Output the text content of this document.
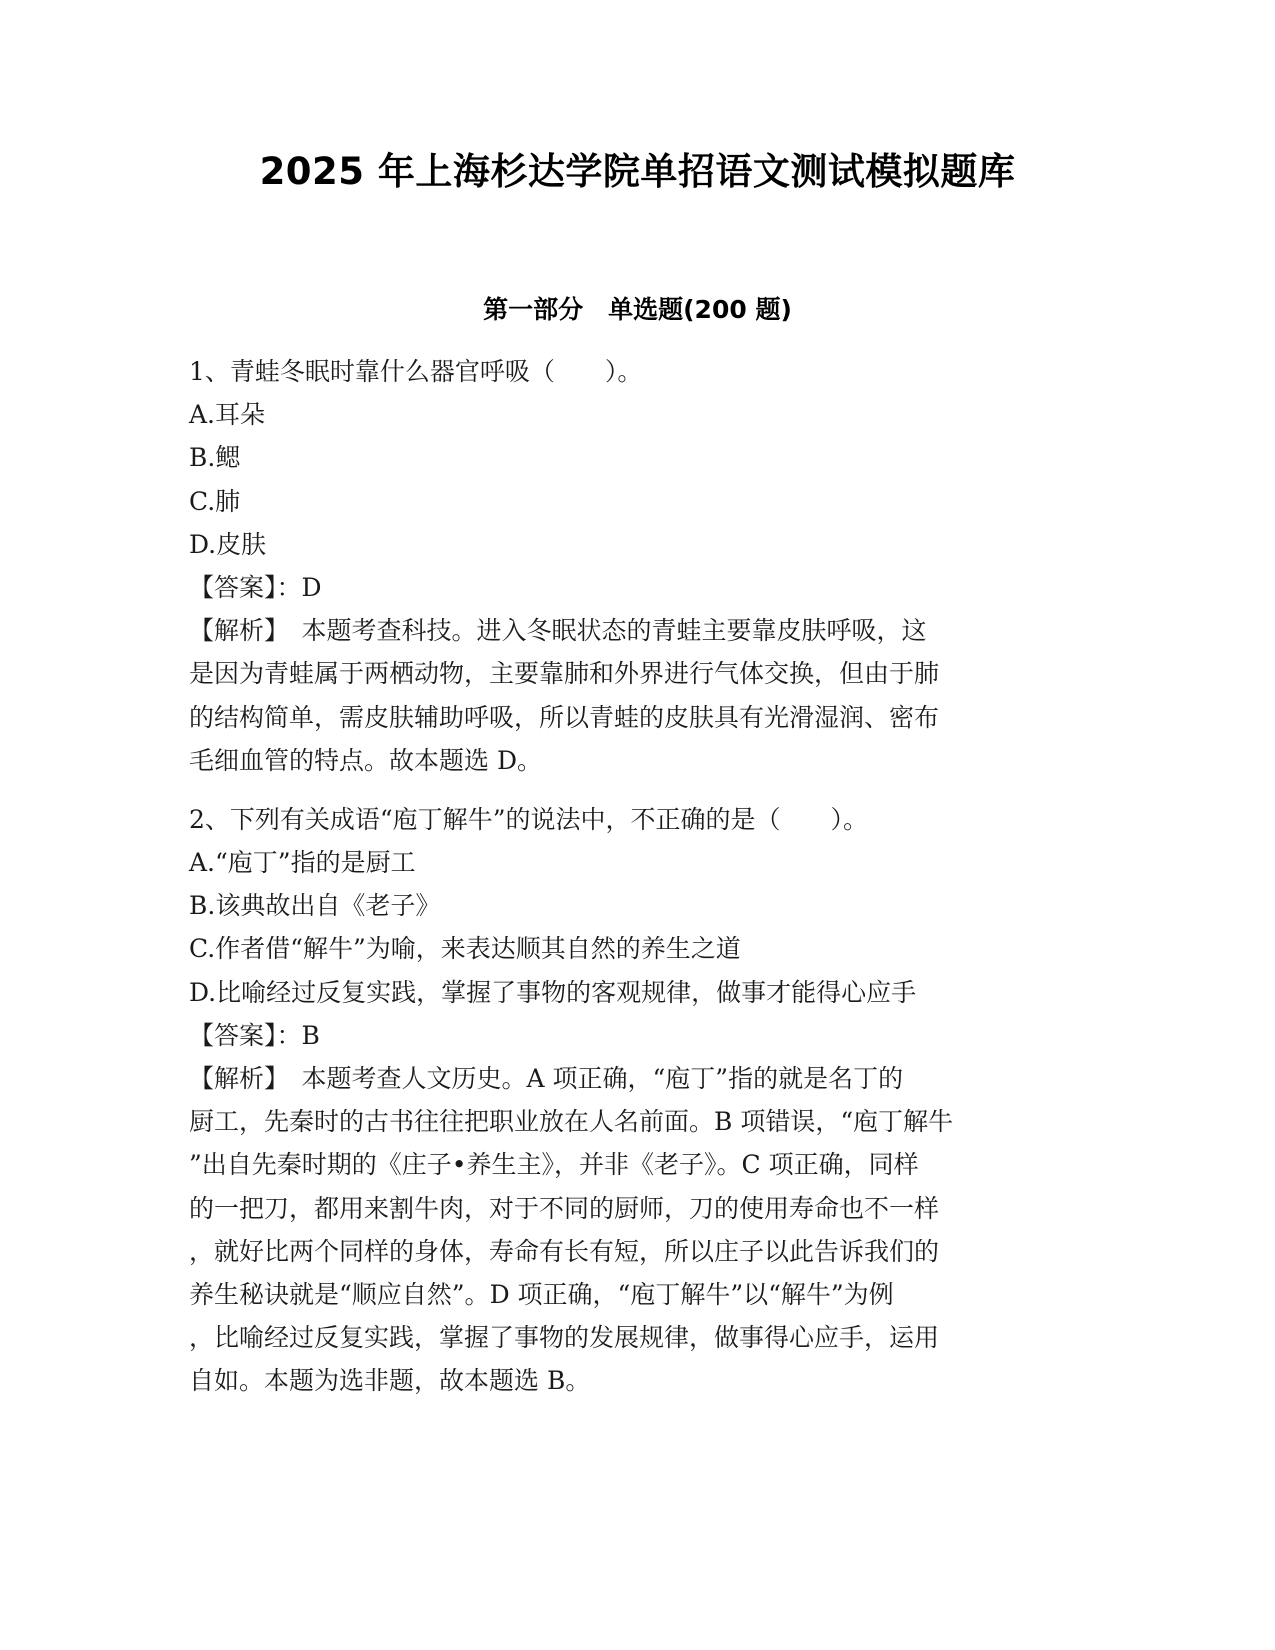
2025 年上海杉达学院单招语文测试模拟题库
第一部分　单选题(200 题)
1、青蛙冬眠时靠什么器官呼吸（　　）。
A.耳朵
B.鳃
C.肺
D.皮肤
【答案】：D
【解析】　本题考查科技。进入冬眠状态的青蛙主要靠皮肤呼吸，这
是因为青蛙属于两栖动物，主要靠肺和外界进行气体交换，但由于肺
的结构简单，需皮肤辅助呼吸，所以青蛙的皮肤具有光滑湿润、密布
毛细血管的特点。故本题选 D。
2、下列有关成语“庖丁解牛”的说法中，不正确的是（　　）。
A.“庖丁”指的是厨工
B.该典故出自《老子》
C.作者借“解牛”为喻，来表达顺其自然的养生之道
D.比喻经过反复实践，掌握了事物的客观规律，做事才能得心应手
【答案】：B
【解析】　本题考查人文历史。A 项正确，“庖丁”指的就是名丁的
厨工，先秦时的古书往往把职业放在人名前面。B 项错误，“庖丁解牛
”出自先秦时期的《庄子•养生主》，并非《老子》。C 项正确，同样
的一把刀，都用来割牛肉，对于不同的厨师，刀的使用寿命也不一样
，就好比两个同样的身体，寿命有长有短，所以庄子以此告诉我们的
养生秘诀就是“顺应自然”。D 项正确，“庖丁解牛”以“解牛”为例
，比喻经过反复实践，掌握了事物的发展规律，做事得心应手，运用
自如。本题为选非题，故本题选 B。
